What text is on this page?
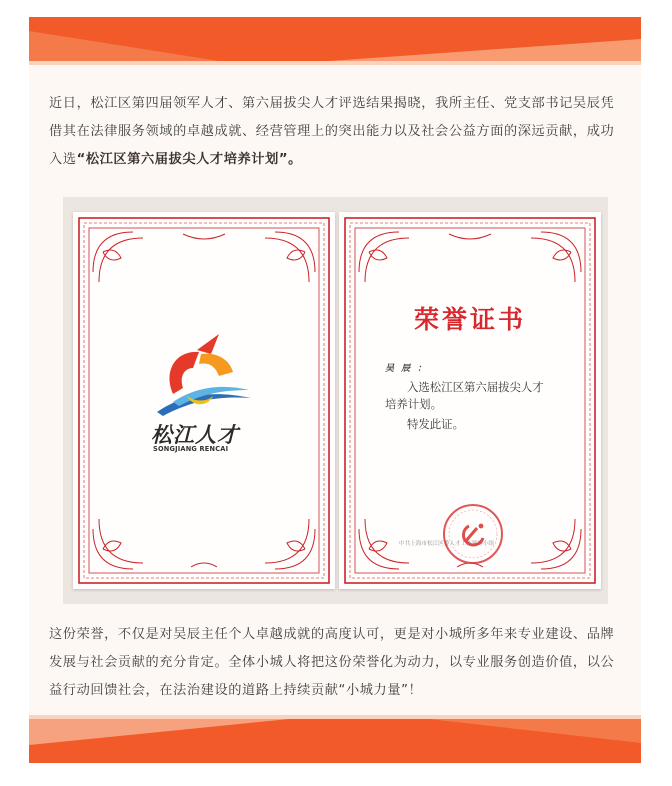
近日，松江区第四届领军人才、第六届拔尖人才评选结果揭晓，我所主任、党支部书记吴辰凭借其在法律服务领域的卓越成就、经营管理上的突出能力以及社会公益方面的深远贡献，成功入选“松江区第六届拔尖人才培养计划”。

松江人才
SONGJIANG RENCAI
荣誉证书
吴 辰 ：
入选松江区第六届拔尖人才
培养计划。
特发此证。
中共上海市松江区委人才工作领导小组

这份荣誉，不仅是对吴辰主任个人卓越成就的高度认可，更是对小城所多年来专业建设、品牌发展与社会贡献的充分肯定。全体小城人将把这份荣誉化为动力，以专业服务创造价值，以公益行动回馈社会，在法治建设的道路上持续贡献“小城力量”！
